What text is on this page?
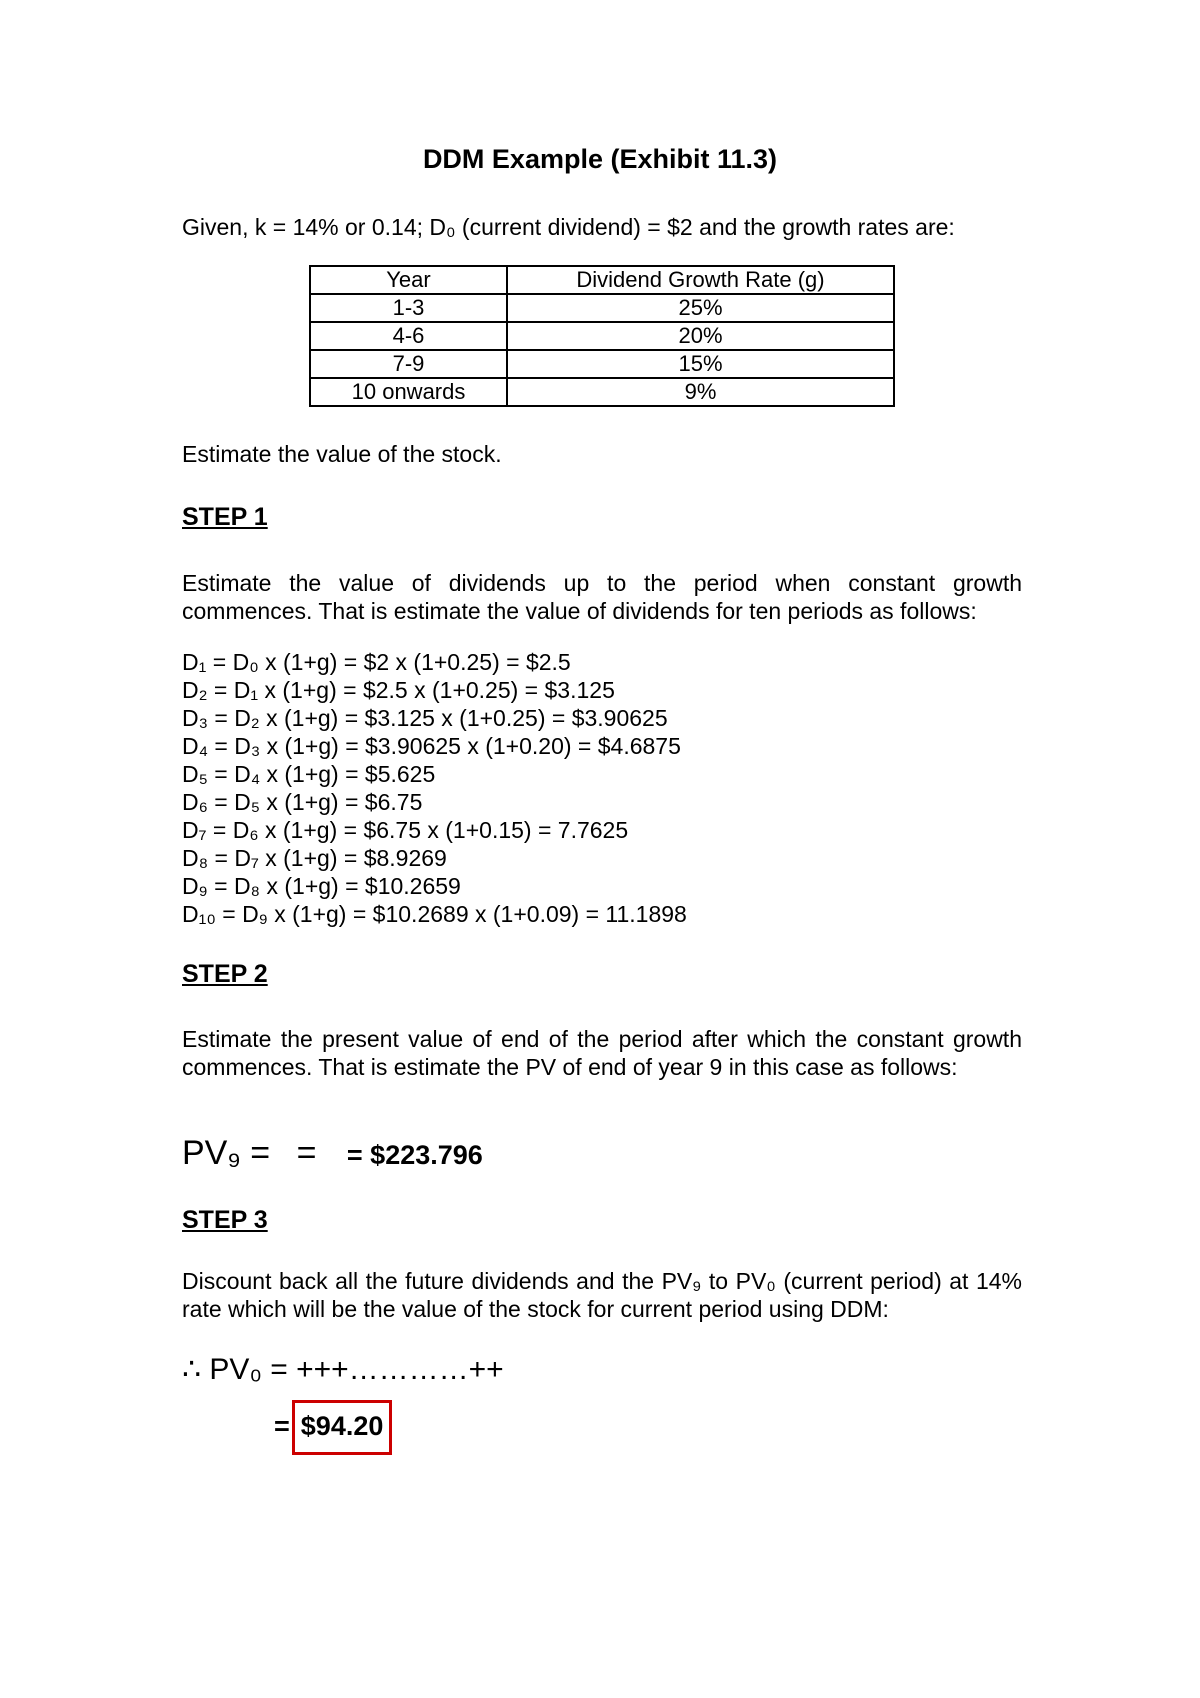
DDM Example (Exhibit 11.3)
Given, k = 14% or 0.14; D₀ (current dividend) = $2 and the growth rates are:
Year	Dividend Growth Rate (g)
1-3	25%
4-6	20%
7-9	15%
10 onwards	9%
Estimate the value of the stock.
STEP 1
Estimate the value of dividends up to the period when constant growth commences. That is estimate the value of dividends for ten periods as follows:
D₁ = D₀ x (1+g) = $2 x (1+0.25) = $2.5
D₂ = D₁ x (1+g) = $2.5 x (1+0.25) = $3.125
D₃ = D₂ x (1+g) = $3.125 x (1+0.25) = $3.90625
D₄ = D₃ x (1+g) = $3.90625 x (1+0.20) = $4.6875
D₅ = D₄ x (1+g) = $5.625
D₆ = D₅ x (1+g) = $6.75
D₇ = D₆ x (1+g) = $6.75 x (1+0.15) = 7.7625
D₈ = D₇ x (1+g) = $8.9269
D₉ = D₈ x (1+g) = $10.2659
D₁₀ = D₉ x (1+g) = $10.2689 x (1+0.09) = 11.1898
STEP 2
Estimate the present value of end of the period after which the constant growth commences. That is estimate the PV of end of year 9 in this case as follows:
PV₉ = = = $223.796
STEP 3
Discount back all the future dividends and the PV₉ to PV₀ (current period) at 14% rate which will be the value of the stock for current period using DDM:
∴ PV₀ = +++…………++
= $94.20
